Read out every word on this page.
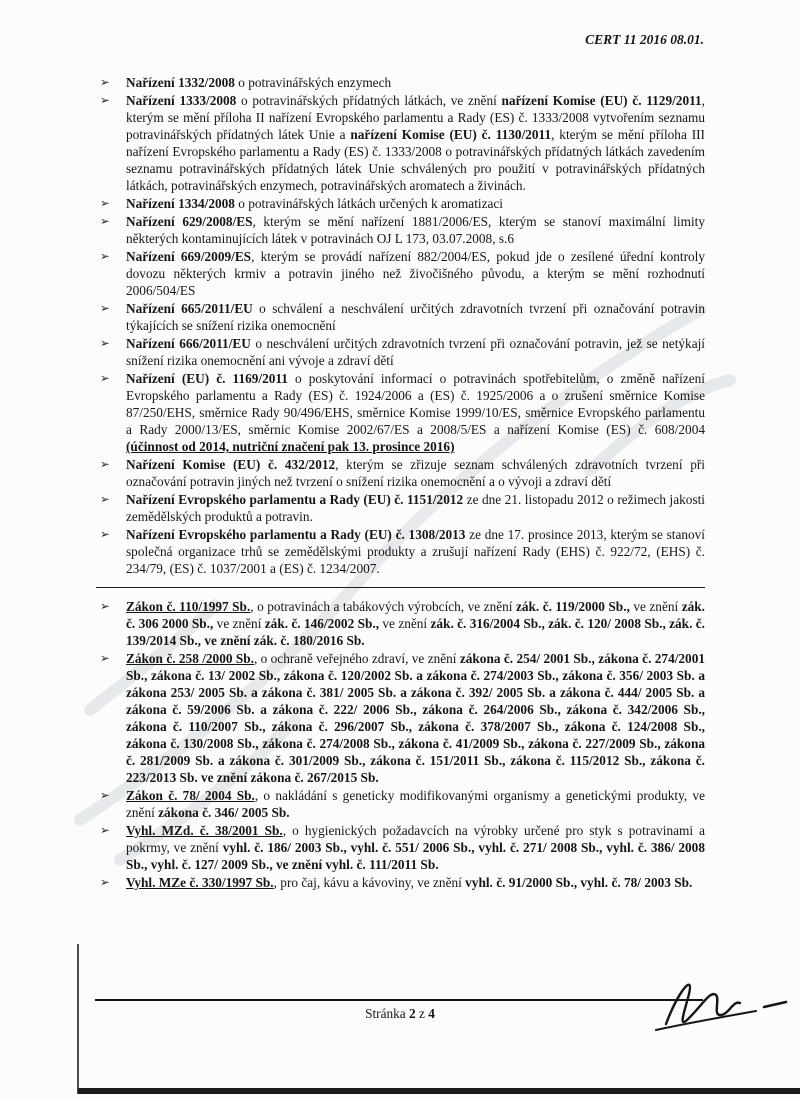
CERT 11 2016 08.01.
➢	Nařízení 1332/2008 o potravinářských enzymech
➢	Nařízení 1333/2008 o potravinářských přídatných látkách, ve znění nařízení Komise (EU) č. 1129/2011, kterým se mění příloha II nařízení Evropského parlamentu a Rady (ES) č. 1333/2008 vytvořením seznamu potravinářských přídatných látek Unie a nařízení Komise (EU) č. 1130/2011, kterým se mění příloha III nařízení Evropského parlamentu a Rady (ES) č. 1333/2008 o potravinářských přídatných látkách zavedením seznamu potravinářských přídatných látek Unie schválených pro použití v potravinářských přídatných látkách, potravinářských enzymech, potravinářských aromatech a živinách.
➢	Nařízení 1334/2008 o potravinářských látkách určených k aromatizaci
➢	Nařízení 629/2008/ES, kterým se mění nařízení 1881/2006/ES, kterým se stanoví maximální limity některých kontaminujících látek v potravinách OJ L 173, 03.07.2008, s.6
➢	Nařízení 669/2009/ES, kterým se provádí nařízení 882/2004/ES, pokud jde o zesílené úřední kontroly dovozu některých krmiv a potravin jiného než živočišného původu, a kterým se mění rozhodnutí 2006/504/ES
➢	Nařízení 665/2011/EU o schválení a neschválení určitých zdravotních tvrzení při označování potravin týkajících se snížení rizika onemocnění
➢	Nařízení 666/2011/EU o neschválení určitých zdravotních tvrzení při označování potravin, jež se netýkají snížení rizika onemocnění ani vývoje a zdraví dětí
➢	Nařízení (EU) č. 1169/2011 o poskytování informací o potravinách spotřebitelům, o změně nařízení Evropského parlamentu a Rady (ES) č. 1924/2006 a (ES) č. 1925/2006 a o zrušení směrnice Komise 87/250/EHS, směrnice Rady 90/496/EHS, směrnice Komise 1999/10/ES, směrnice Evropského parlamentu a Rady 2000/13/ES, směrnic Komise 2002/67/ES a 2008/5/ES a nařízení Komise (ES) č. 608/2004 (účinnost od 2014, nutriční značení pak 13. prosince 2016)
➢	Nařízení Komise (EU) č. 432/2012, kterým se zřizuje seznam schválených zdravotních tvrzení při označování potravin jiných než tvrzení o snížení rizika onemocnění a o vývoji a zdraví dětí
➢	Nařízení Evropského parlamentu a Rady (EU) č. 1151/2012 ze dne 21. listopadu 2012 o režimech jakosti zemědělských produktů a potravin.
➢	Nařízení Evropského parlamentu a Rady (EU) č. 1308/2013 ze dne 17. prosince 2013, kterým se stanoví společná organizace trhů se zemědělskými produkty a zrušují nařízení Rady (EHS) č. 922/72, (EHS) č. 234/79, (ES) č. 1037/2001 a (ES) č. 1234/2007.
➢	Zákon č. 110/1997 Sb., o potravinách a tabákových výrobcích, ve znění zák. č. 119/2000 Sb., ve znění zák. č. 306 2000 Sb., ve znění zák. č. 146/2002 Sb., ve znění zák. č. 316/2004 Sb., zák. č. 120/ 2008 Sb., zák. č. 139/2014 Sb., ve znění zák. č. 180/2016 Sb.
➢	Zákon č. 258 /2000 Sb., o ochraně veřejného zdraví, ve znění zákona č. 254/ 2001 Sb., zákona č. 274/2001 Sb., zákona č. 13/ 2002 Sb., zákona č. 120/2002 Sb. a zákona č. 274/2003 Sb., zákona č. 356/ 2003 Sb. a zákona 253/ 2005 Sb. a zákona č. 381/ 2005 Sb. a zákona č. 392/ 2005 Sb. a zákona č. 444/ 2005 Sb. a zákona č. 59/2006 Sb. a zákona č. 222/ 2006 Sb., zákona č. 264/2006 Sb., zákona č. 342/2006 Sb., zákona č. 110/2007 Sb., zákona č. 296/2007 Sb., zákona č. 378/2007 Sb., zákona č. 124/2008 Sb., zákona č. 130/2008 Sb., zákona č. 274/2008 Sb., zákona č. 41/2009 Sb., zákona č. 227/2009 Sb., zákona č. 281/2009 Sb. a zákona č. 301/2009 Sb., zákona č. 151/2011 Sb., zákona č. 115/2012 Sb., zákona č. 223/2013 Sb. ve znění zákona č. 267/2015 Sb.
➢	Zákon č. 78/ 2004 Sb., o nakládání s geneticky modifikovanými organismy a genetickými produkty, ve znění zákona č. 346/ 2005 Sb.
➢	Vyhl. MZd. č. 38/2001 Sb., o hygienických požadavcích na výrobky určené pro styk s potravinami a pokrmy, ve znění vyhl. č. 186/ 2003 Sb., vyhl. č. 551/ 2006 Sb., vyhl. č. 271/ 2008 Sb., vyhl. č. 386/ 2008 Sb., vyhl. č. 127/ 2009 Sb., ve znění vyhl. č. 111/2011 Sb.
➢	Vyhl. MZe č. 330/1997 Sb., pro čaj, kávu a kávoviny, ve znění vyhl. č. 91/2000 Sb., vyhl. č. 78/ 2003 Sb.
Stránka 2 z 4
